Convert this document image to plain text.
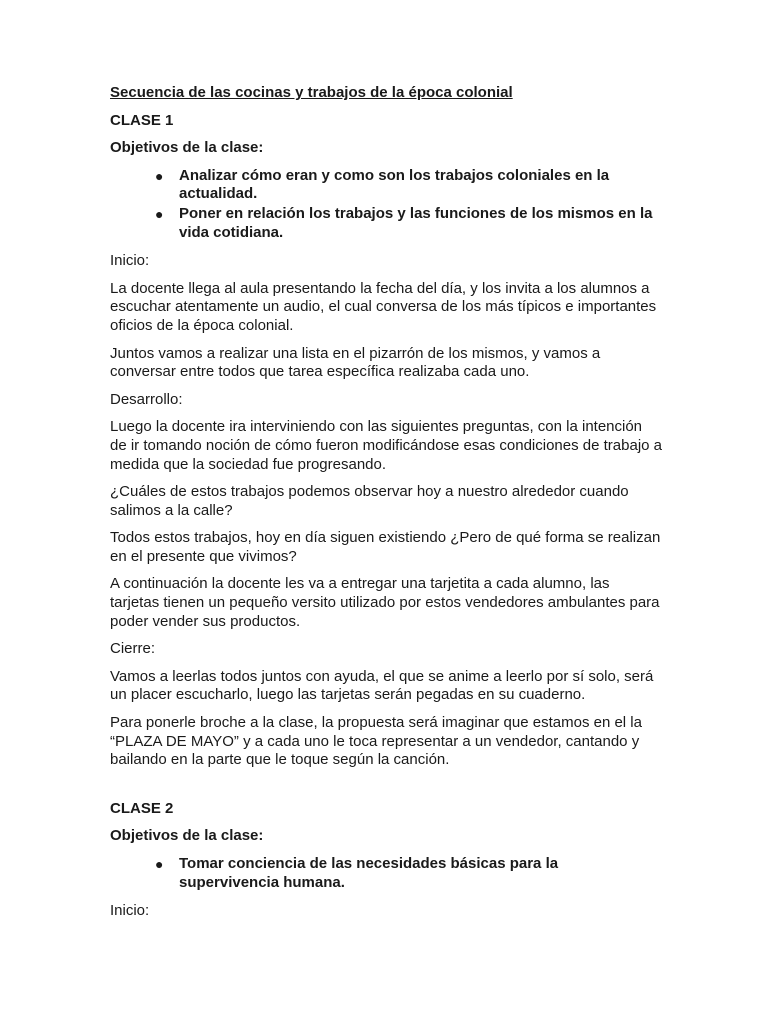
Secuencia de las cocinas y trabajos de la época colonial

CLASE 1

Objetivos de la clase:

● Analizar cómo eran y como son los trabajos coloniales en la actualidad.
● Poner en relación los trabajos y las funciones de los mismos en la vida cotidiana.

Inicio:

La docente llega al aula presentando la fecha del día, y los invita a los alumnos a escuchar atentamente un audio, el cual conversa de los más típicos e importantes oficios de la época colonial.

Juntos vamos a realizar una lista en el pizarrón de los mismos, y vamos a conversar entre todos que tarea específica realizaba cada uno.

Desarrollo:

Luego la docente ira interviniendo con las siguientes preguntas, con la intención de ir tomando noción de cómo fueron modificándose esas condiciones de trabajo a medida que la sociedad fue progresando.

¿Cuáles de estos trabajos podemos observar hoy a nuestro alrededor cuando salimos a la calle?

Todos estos trabajos, hoy en día siguen existiendo ¿Pero de qué forma se realizan en el presente que vivimos?

A continuación la docente les va a entregar una tarjetita a cada alumno, las tarjetas tienen un pequeño versito utilizado por estos vendedores ambulantes para poder vender sus productos.

Cierre:

Vamos a leerlas todos juntos con ayuda, el que se anime a leerlo por sí solo, será un placer escucharlo, luego las tarjetas serán pegadas en su cuaderno.

Para ponerle broche a la clase, la propuesta será imaginar que estamos en el la “PLAZA DE MAYO” y a cada uno le toca representar a un vendedor, cantando y bailando en la parte que le toque según la canción.

CLASE 2

Objetivos de la clase:

● Tomar conciencia de las necesidades básicas para la supervivencia humana.

Inicio:
